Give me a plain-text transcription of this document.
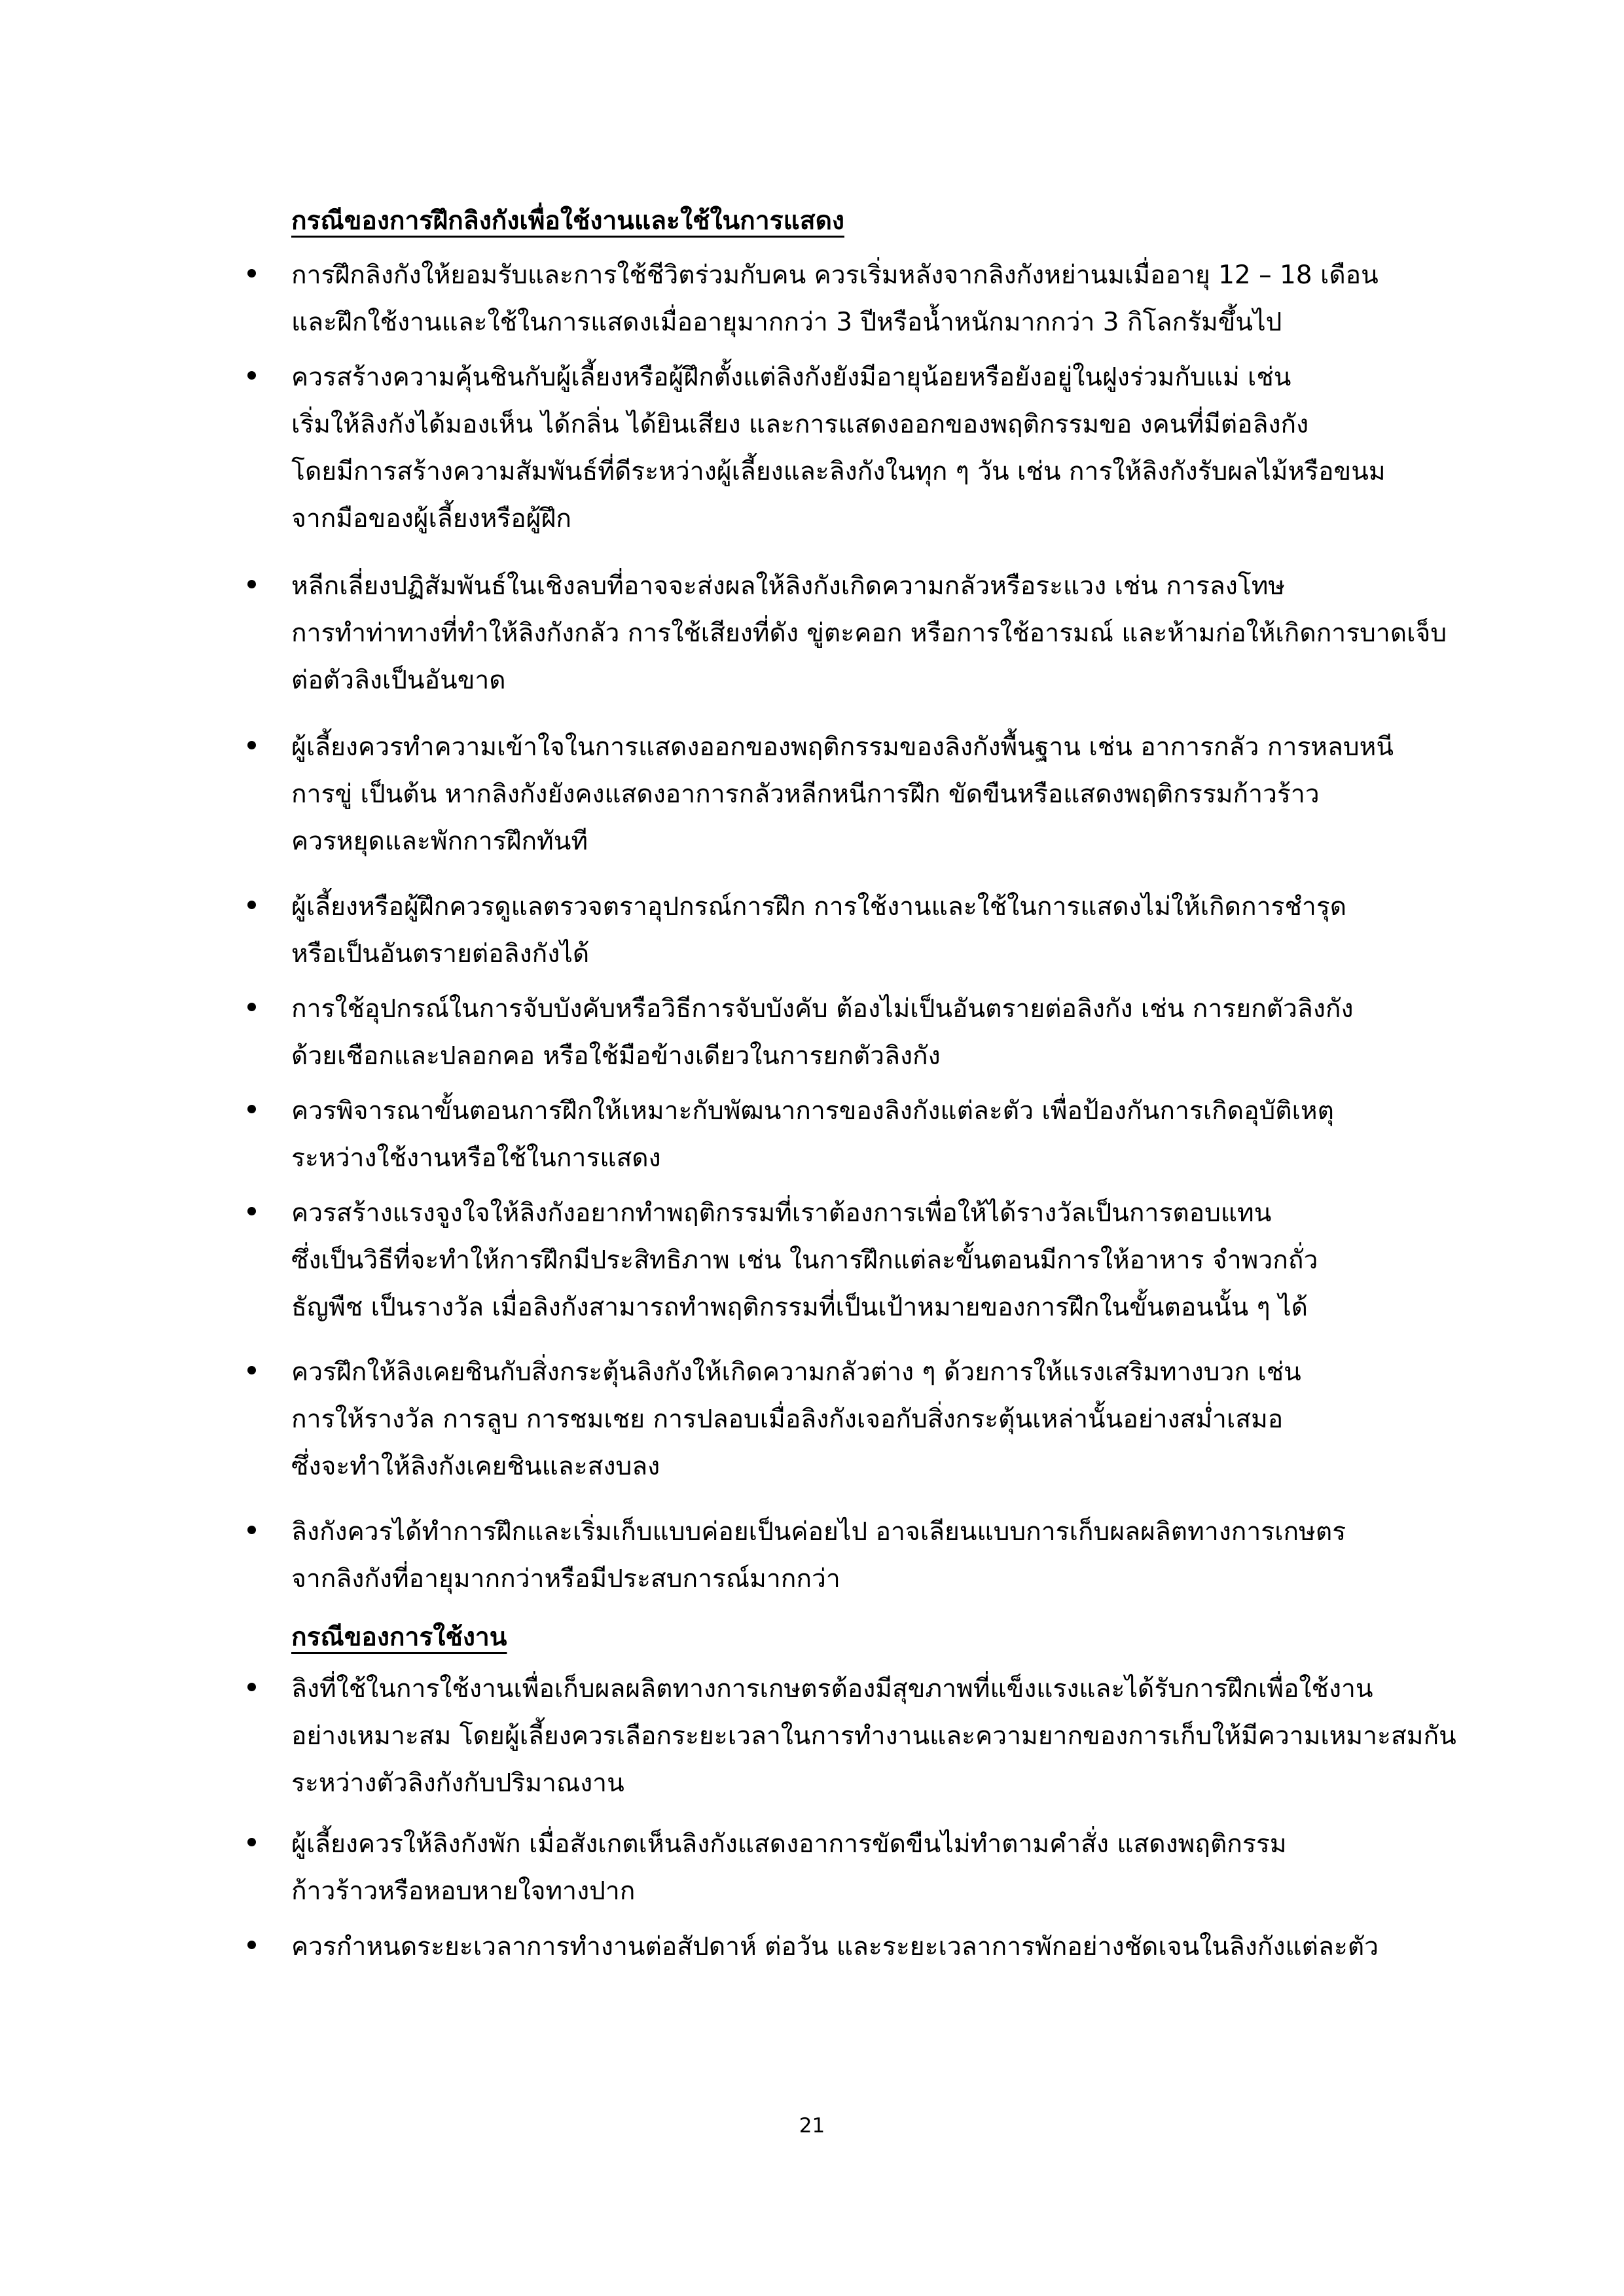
กรณีของการฝึกลิงกังเพื่อใช้งานและใช้ในการแสดง
การฝึกลิงกังให้ยอมรับและการใช้ชีวิตร่วมกับคน ควรเริ่มหลังจากลิงกังหย่านมเมื่ออายุ 12 – 18 เดือน
และฝึกใช้งานและใช้ในการแสดงเมื่ออายุมากกว่า 3 ปีหรือน้ำหนักมากกว่า 3 กิโลกรัมขึ้นไป
ควรสร้างความคุ้นชินกับผู้เลี้ยงหรือผู้ฝึกตั้งแต่ลิงกังยังมีอายุน้อยหรือยังอยู่ในฝูงร่วมกับแม่ เช่น
เริ่มให้ลิงกังได้มองเห็น ได้กลิ่น ได้ยินเสียง และการแสดงออกของพฤติกรรมขอ งคนที่มีต่อลิงกัง
โดยมีการสร้างความสัมพันธ์ที่ดีระหว่างผู้เลี้ยงและลิงกังในทุก ๆ วัน เช่น การให้ลิงกังรับผลไม้หรือขนม
จากมือของผู้เลี้ยงหรือผู้ฝึก
หลีกเลี่ยงปฏิสัมพันธ์ในเชิงลบที่อาจจะส่งผลให้ลิงกังเกิดความกลัวหรือระแวง เช่น การลงโทษ
การทำท่าทางที่ทำให้ลิงกังกลัว การใช้เสียงที่ดัง ขู่ตะคอก หรือการใช้อารมณ์ และห้ามก่อให้เกิดการบาดเจ็บ
ต่อตัวลิงเป็นอันขาด
ผู้เลี้ยงควรทำความเข้าใจในการแสดงออกของพฤติกรรมของลิงกังพื้นฐาน เช่น อาการกลัว การหลบหนี
การขู่ เป็นต้น หากลิงกังยังคงแสดงอาการกลัวหลีกหนีการฝึก ขัดขืนหรือแสดงพฤติกรรมก้าวร้าว
ควรหยุดและพักการฝึกทันที
ผู้เลี้ยงหรือผู้ฝึกควรดูแลตรวจตราอุปกรณ์การฝึก การใช้งานและใช้ในการแสดงไม่ให้เกิดการชำรุด
หรือเป็นอันตรายต่อลิงกังได้
การใช้อุปกรณ์ในการจับบังคับหรือวิธีการจับบังคับ ต้องไม่เป็นอันตรายต่อลิงกัง เช่น การยกตัวลิงกัง
ด้วยเชือกและปลอกคอ หรือใช้มือข้างเดียวในการยกตัวลิงกัง
ควรพิจารณาขั้นตอนการฝึกให้เหมาะกับพัฒนาการของลิงกังแต่ละตัว เพื่อป้องกันการเกิดอุบัติเหตุ
ระหว่างใช้งานหรือใช้ในการแสดง
ควรสร้างแรงจูงใจให้ลิงกังอยากทำพฤติกรรมที่เราต้องการเพื่อให้ได้รางวัลเป็นการตอบแทน
ซึ่งเป็นวิธีที่จะทำให้การฝึกมีประสิทธิภาพ เช่น ในการฝึกแต่ละขั้นตอนมีการให้อาหาร จำพวกถั่ว
ธัญพืช เป็นรางวัล เมื่อลิงกังสามารถทำพฤติกรรมที่เป็นเป้าหมายของการฝึกในขั้นตอนนั้น ๆ ได้
ควรฝึกให้ลิงเคยชินกับสิ่งกระตุ้นลิงกังให้เกิดความกลัวต่าง ๆ ด้วยการให้แรงเสริมทางบวก เช่น
การให้รางวัล การลูบ การชมเชย การปลอบเมื่อลิงกังเจอกับสิ่งกระตุ้นเหล่านั้นอย่างสม่ำเสมอ
ซึ่งจะทำให้ลิงกังเคยชินและสงบลง
ลิงกังควรได้ทำการฝึกและเริ่มเก็บแบบค่อยเป็นค่อยไป อาจเลียนแบบการเก็บผลผลิตทางการเกษตร
จากลิงกังที่อายุมากกว่าหรือมีประสบการณ์มากกว่า
กรณีของการใช้งาน
ลิงที่ใช้ในการใช้งานเพื่อเก็บผลผลิตทางการเกษตรต้องมีสุขภาพที่แข็งแรงและได้รับการฝึกเพื่อใช้งาน
อย่างเหมาะสม โดยผู้เลี้ยงควรเลือกระยะเวลาในการทำงานและความยากของการเก็บให้มีความเหมาะสมกัน
ระหว่างตัวลิงกังกับปริมาณงาน
ผู้เลี้ยงควรให้ลิงกังพัก เมื่อสังเกตเห็นลิงกังแสดงอาการขัดขืนไม่ทำตามคำสั่ง แสดงพฤติกรรม
ก้าวร้าวหรือหอบหายใจทางปาก
ควรกำหนดระยะเวลาการทำงานต่อสัปดาห์ ต่อวัน และระยะเวลาการพักอย่างชัดเจนในลิงกังแต่ละตัว
21
